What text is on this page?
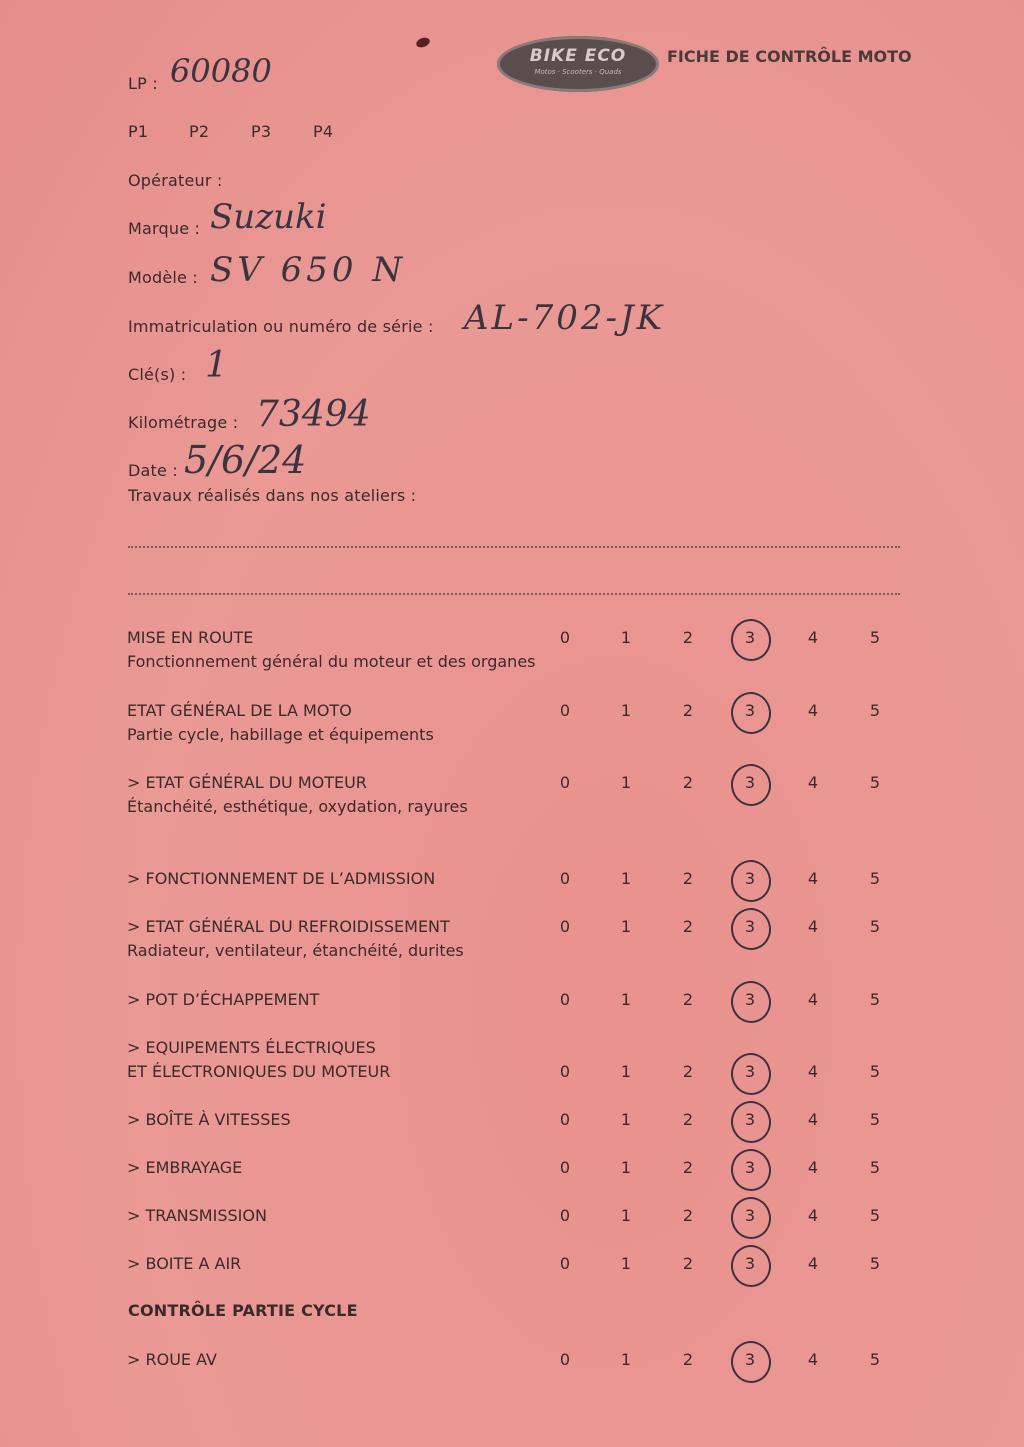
LP : 60080	BIKE ECO
Motos · Scooters · Quads
FICHE DE CONTRÔLE MOTO
P1	P2	P3	P4
Opérateur :
Marque : Suzuki
Modèle : SV 650 N
Immatriculation ou numéro de série : AL-702-JK
Clé(s) : 1
Kilométrage : 73494
Date : 5/6/24
Travaux réalisés dans nos ateliers :
CONTRÔLE PARTIE CYCLE
MISE EN ROUTE
Fonctionnement général du moteur et des organes
0	1	2	3	4	5
ETAT GÉNÉRAL DE LA MOTO
Partie cycle, habillage et équipements
0	1	2	3	4	5
> ETAT GÉNÉRAL DU MOTEUR
Étanchéité, esthétique, oxydation, rayures
0	1	2	3	4	5
> FONCTIONNEMENT DE L’ADMISSION	0	1	2	3	4	5
> ETAT GÉNÉRAL DU REFROIDISSEMENT
Radiateur, ventilateur, étanchéité, durites
0	1	2	3	4	5
> POT D’ÉCHAPPEMENT	0	1	2	3	4	5
> EQUIPEMENTS ÉLECTRIQUES
ET ÉLECTRONIQUES DU MOTEUR	0	1	2	3	4	5
> BOÎTE À VITESSES	0	1	2	3	4	5
> EMBRAYAGE	0	1	2	3	4	5
> TRANSMISSION	0	1	2	3	4	5
> BOITE A AIR	0	1	2	3	4	5
> ROUE AV	0	1	2	3	4	5
